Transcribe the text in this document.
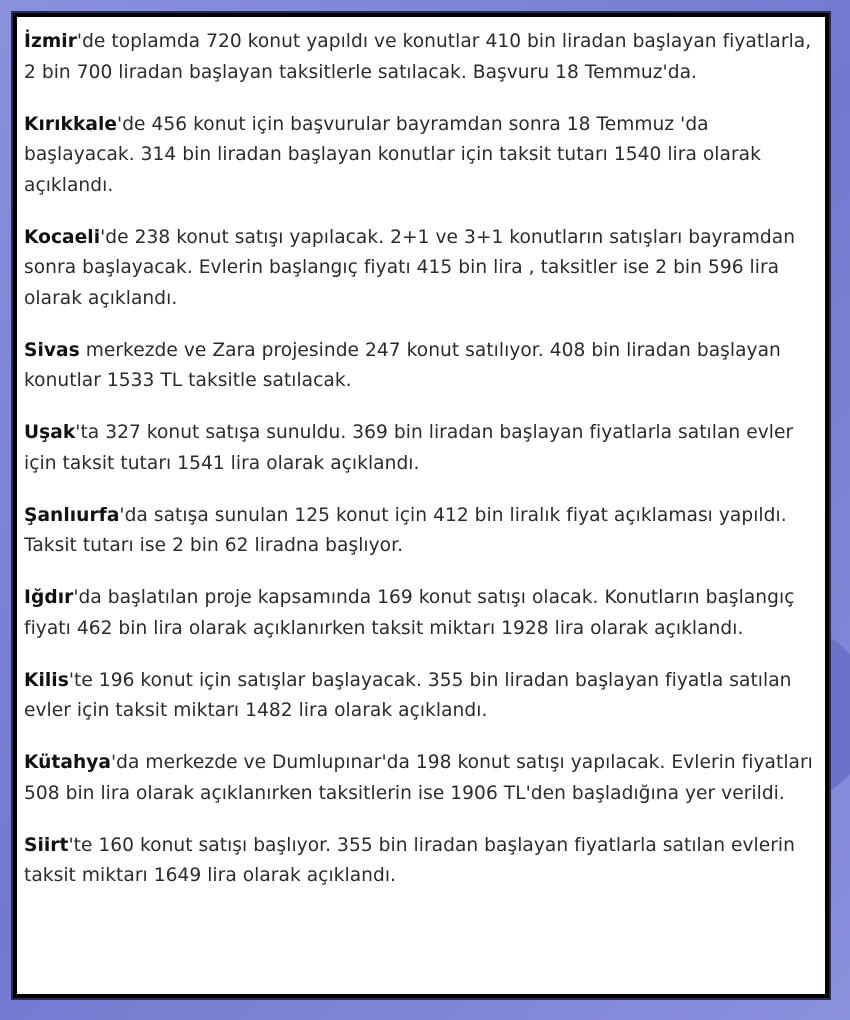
İzmir'de toplamda 720 konut yapıldı ve konutlar 410 bin liradan başlayan fiyatlarla, 2 bin 700 liradan başlayan taksitlerle satılacak. Başvuru 18 Temmuz'da.

Kırıkkale'de 456 konut için başvurular bayramdan sonra 18 Temmuz 'da başlayacak. 314 bin liradan başlayan konutlar için taksit tutarı 1540 lira olarak açıklandı.

Kocaeli'de 238 konut satışı yapılacak. 2+1 ve 3+1 konutların satışları bayramdan sonra başlayacak. Evlerin başlangıç fiyatı 415 bin lira , taksitler ise 2 bin 596 lira olarak açıklandı.

Sivas merkezde ve Zara projesinde 247 konut satılıyor. 408 bin liradan başlayan konutlar 1533 TL taksitle satılacak.

Uşak'ta 327 konut satışa sunuldu. 369 bin liradan başlayan fiyatlarla satılan evler için taksit tutarı 1541 lira olarak açıklandı.

Şanlıurfa'da satışa sunulan 125 konut için 412 bin liralık fiyat açıklaması yapıldı. Taksit tutarı ise 2 bin 62 liradna başlıyor.

Iğdır'da başlatılan proje kapsamında 169 konut satışı olacak. Konutların başlangıç fiyatı 462 bin lira olarak açıklanırken taksit miktarı 1928 lira olarak açıklandı.

Kilis'te 196 konut için satışlar başlayacak. 355 bin liradan başlayan fiyatla satılan evler için taksit miktarı 1482 lira olarak açıklandı.

Kütahya'da merkezde ve Dumlupınar'da 198 konut satışı yapılacak. Evlerin fiyatları 508 bin lira olarak açıklanırken taksitlerin ise 1906 TL'den başladığına yer verildi.

Siirt'te 160 konut satışı başlıyor. 355 bin liradan başlayan fiyatlarla satılan evlerin taksit miktarı 1649 lira olarak açıklandı.
